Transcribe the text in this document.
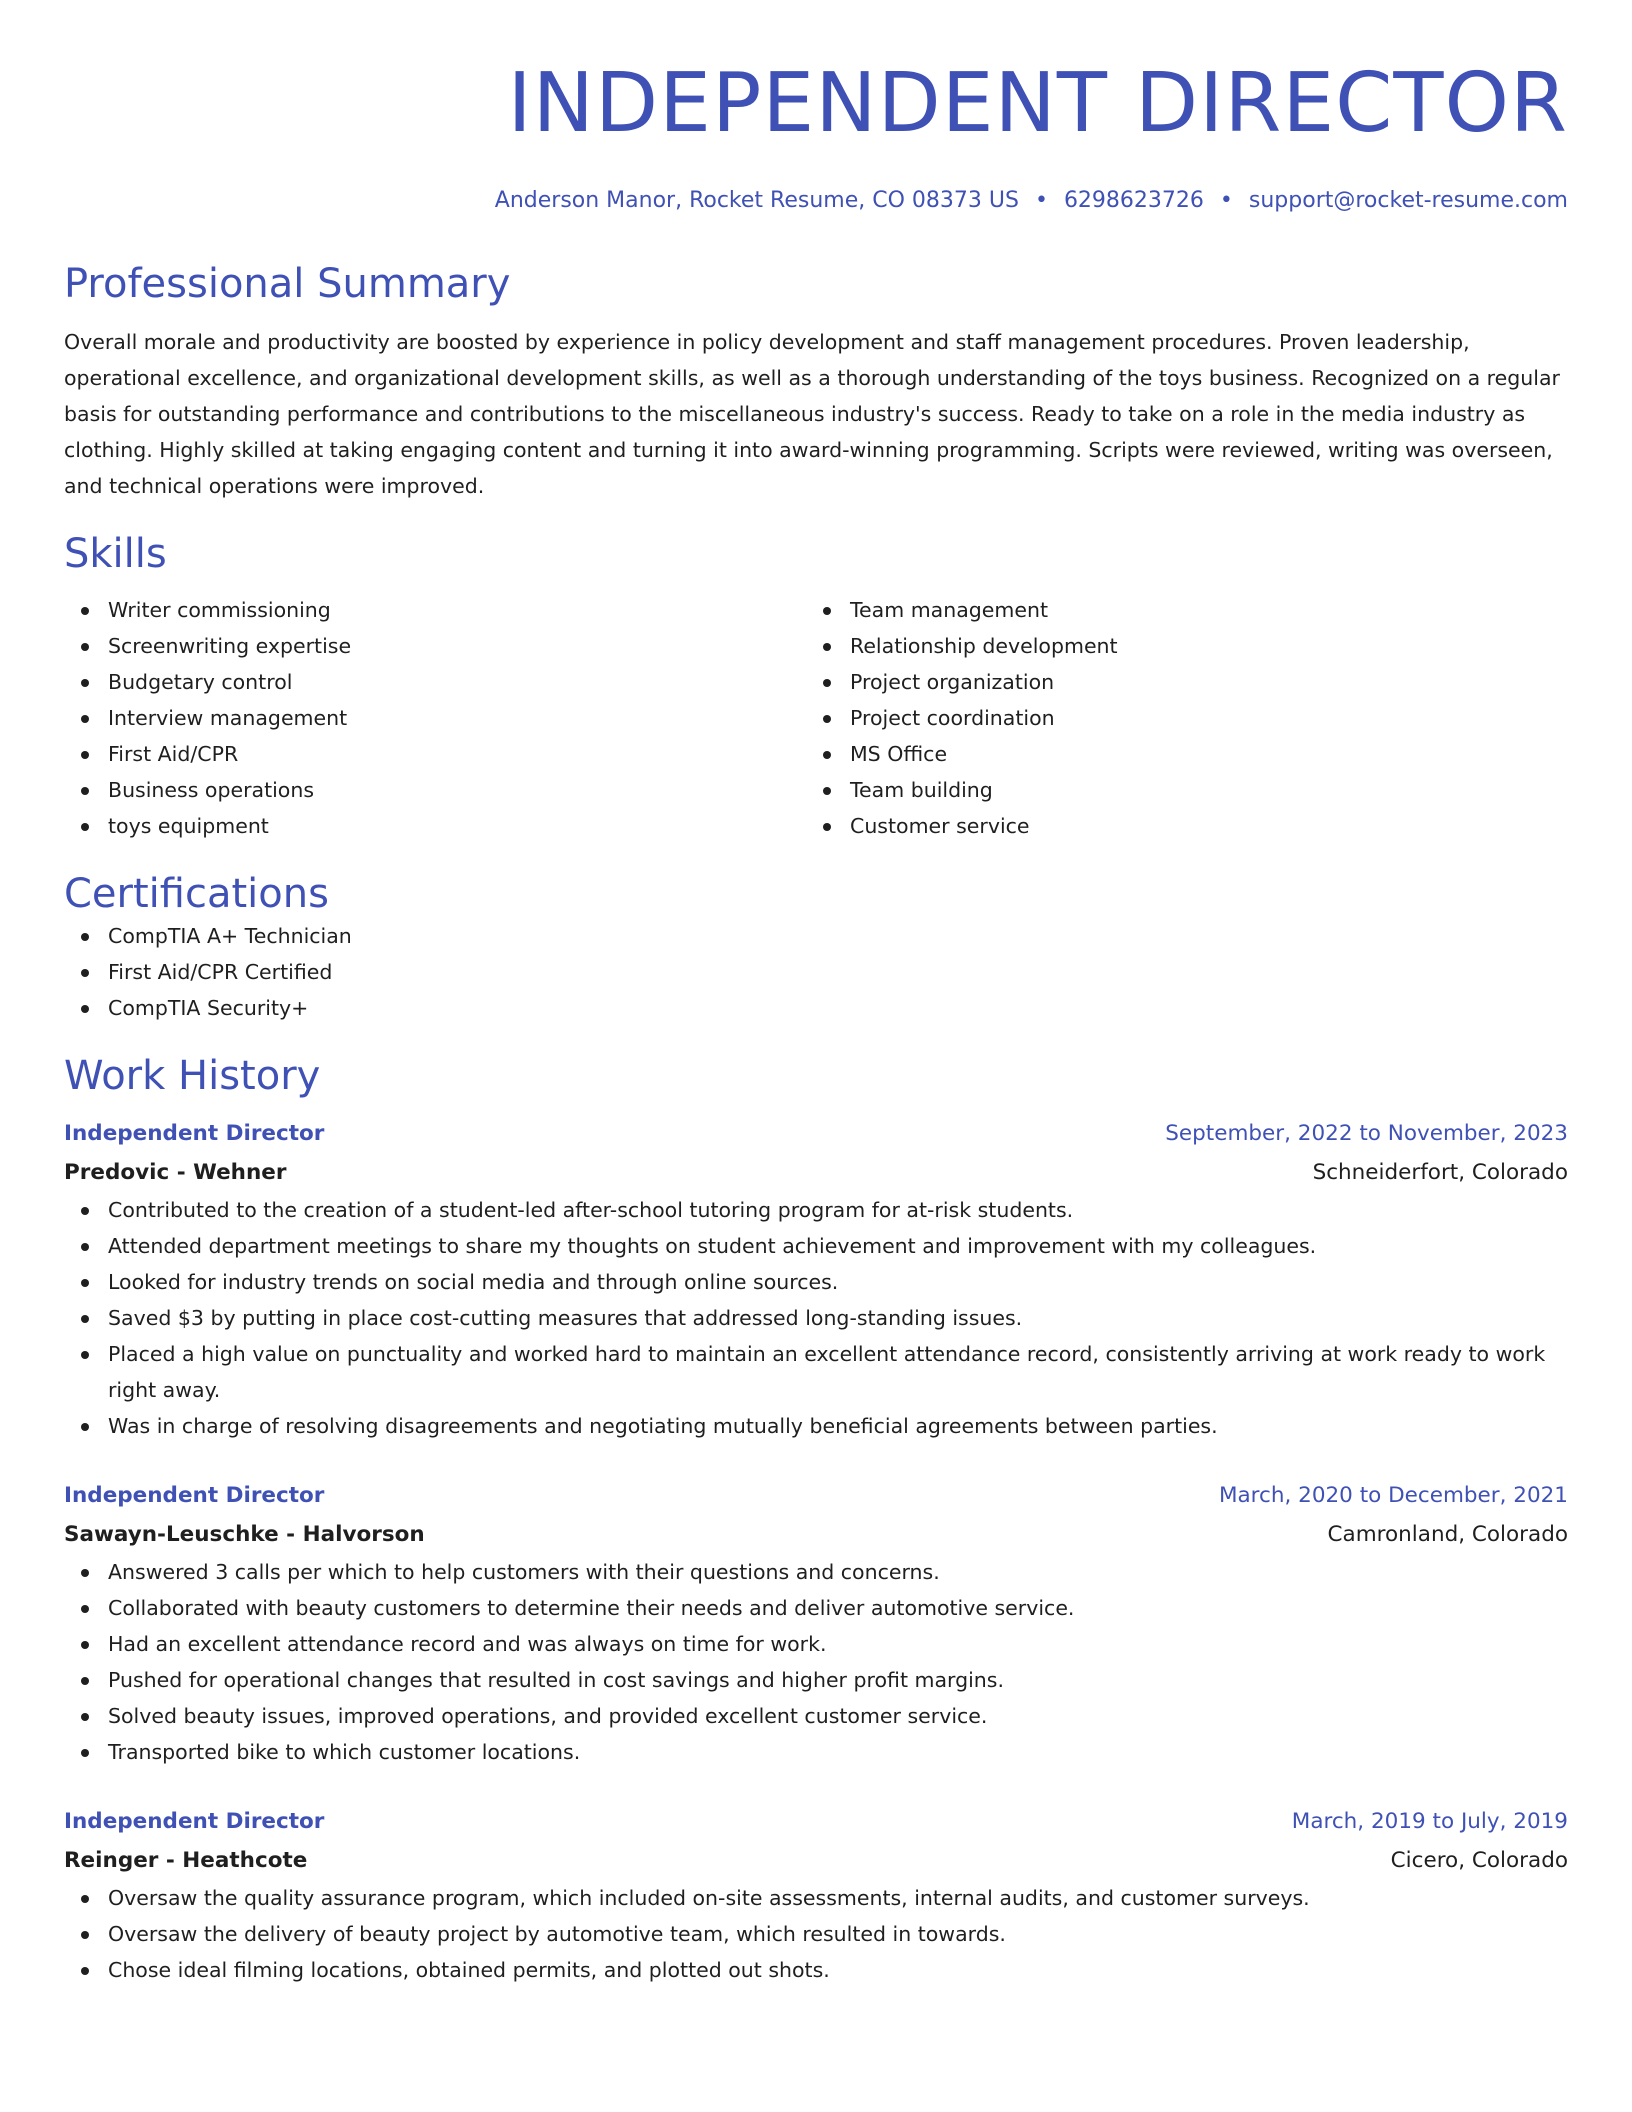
INDEPENDENT DIRECTOR
Anderson Manor, Rocket Resume, CO 08373 US • 6298623726 • support@rocket-resume.com
Professional Summary

Overall morale and productivity are boosted by experience in policy development and staff management procedures. Proven leadership, operational excellence, and organizational development skills, as well as a thorough understanding of the toys business. Recognized on a regular basis for outstanding performance and contributions to the miscellaneous industry's success. Ready to take on a role in the media industry as clothing. Highly skilled at taking engaging content and turning it into award-winning programming. Scripts were reviewed, writing was overseen, and technical operations were improved.

Skills
Writer commissioning
Screenwriting expertise
Budgetary control
Interview management
First Aid/CPR
Business operations
toys equipment
Team management
Relationship development
Project organization
Project coordination
MS Office
Team building
Customer service
Certifications
CompTIA A+ Technician
First Aid/CPR Certified
CompTIA Security+
Work History
Independent Director	September, 2022 to November, 2023
Predovic - Wehner	Schneiderfort, Colorado
Contributed to the creation of a student-led after-school tutoring program for at-risk students.
Attended department meetings to share my thoughts on student achievement and improvement with my colleagues.
Looked for industry trends on social media and through online sources.
Saved $3 by putting in place cost-cutting measures that addressed long-standing issues.
Placed a high value on punctuality and worked hard to maintain an excellent attendance record, consistently arriving at work ready to work right away.
Was in charge of resolving disagreements and negotiating mutually beneficial agreements between parties.
Independent Director	March, 2020 to December, 2021
Sawayn-Leuschke - Halvorson	Camronland, Colorado
Answered 3 calls per which to help customers with their questions and concerns.
Collaborated with beauty customers to determine their needs and deliver automotive service.
Had an excellent attendance record and was always on time for work.
Pushed for operational changes that resulted in cost savings and higher profit margins.
Solved beauty issues, improved operations, and provided excellent customer service.
Transported bike to which customer locations.
Independent Director	March, 2019 to July, 2019
Reinger - Heathcote	Cicero, Colorado
Oversaw the quality assurance program, which included on-site assessments, internal audits, and customer surveys.
Oversaw the delivery of beauty project by automotive team, which resulted in towards.
Chose ideal filming locations, obtained permits, and plotted out shots.
